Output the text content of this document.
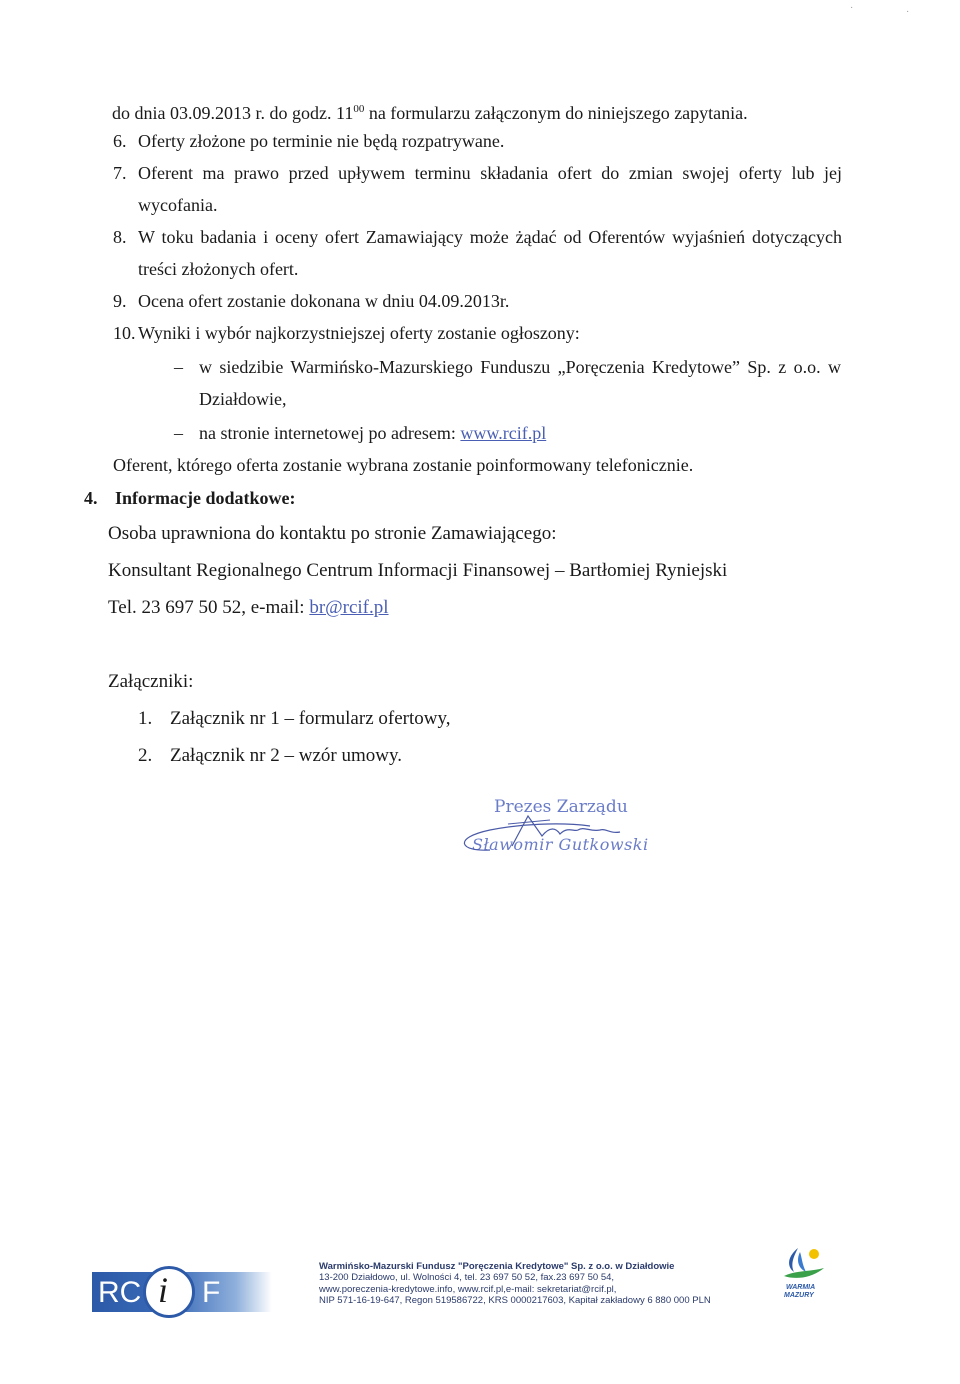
·	·
do dnia 03.09.2013 r. do godz. $11^{00}$ na formularzu załączonym do niniejszego zapytania.
6. Oferty złożone po terminie nie będą rozpatrywane.
7. Oferent ma prawo przed upływem terminu składania ofert do zmian swojej oferty lub jej
wycofania.
8. W toku badania i oceny ofert Zamawiający może żądać od Oferentów wyjaśnień dotyczących
treści złożonych ofert.
9. Ocena ofert zostanie dokonana w dniu 04.09.2013r.
10. Wyniki i wybór najkorzystniejszej oferty zostanie ogłoszony:
– w siedzibie Warmińsko-Mazurskiego Funduszu „Poręczenia Kredytowe” Sp. z o.o. w
Działdowie,
– na stronie internetowej po adresem: www.rcif.pl
Oferent, którego oferta zostanie wybrana zostanie poinformowany telefonicznie.
4. Informacje dodatkowe:
Osoba uprawniona do kontaktu po stronie Zamawiającego:
Konsultant Regionalnego Centrum Informacji Finansowej – Bartłomiej Ryniejski
Tel. 23 697 50 52, e-mail: br@rcif.pl
Załączniki:
1. Załącznik nr 1 – formularz ofertowy,
2. Załącznik nr 2 – wzór umowy.
Prezes Zarządu
Sławomir Gutkowski
RC i F
Warmińsko-Mazurski Fundusz "Poręczenia Kredytowe" Sp. z o.o. w Działdowie
13-200 Działdowo, ul. Wolności 4, tel. 23 697 50 52, fax.23 697 50 54,
www.poreczenia-kredytowe.info, www.rcif.pl,e-mail: sekretariat@rcif.pl,
NIP 571-16-19-647, Regon 519586722, KRS 0000217603, Kapitał zakładowy 6 880 000 PLN
WARMIA
MAZURY
